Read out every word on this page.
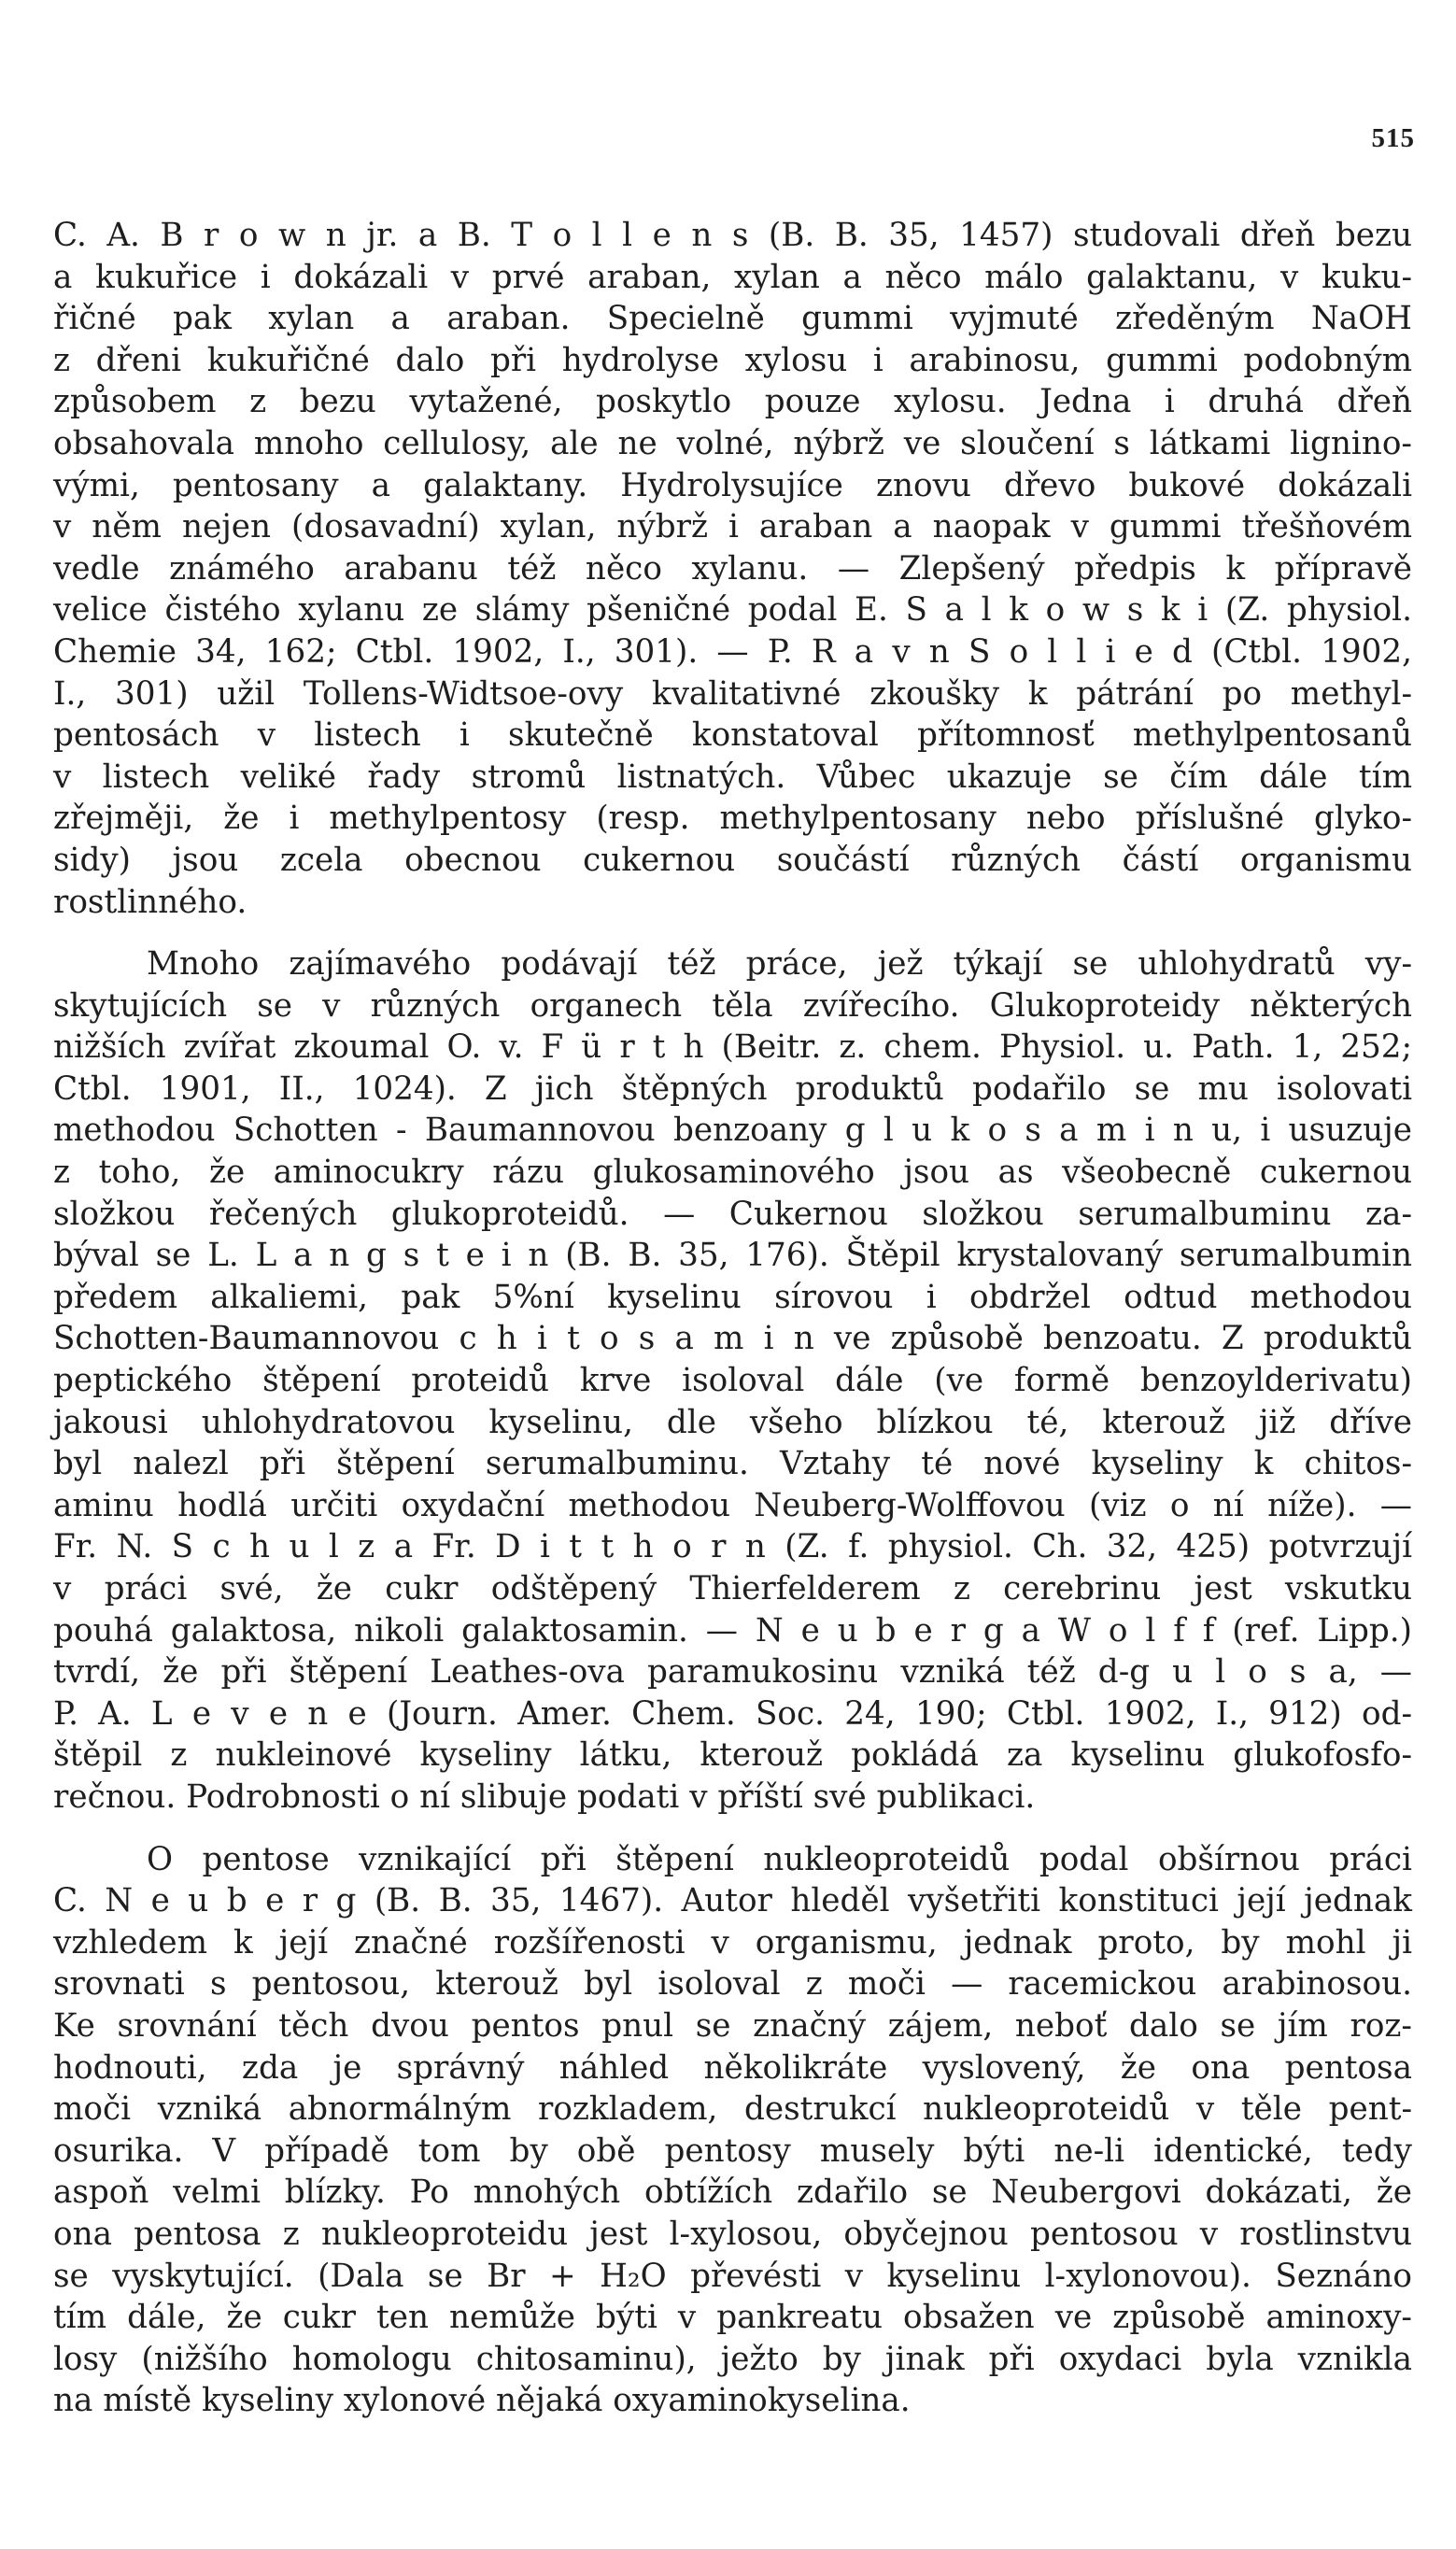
515
C. A. B r o w n jr. a B. T o l l e n s (B. B. 35, 1457) studovali dřeň bezu
a kukuřice i dokázali v prvé araban, xylan a něco málo galaktanu, v kuku-
řičné pak xylan a araban. Specielně gummi vyjmuté zředěným NaOH
z dřeni kukuřičné dalo při hydrolyse xylosu i arabinosu, gummi podobným
způsobem z bezu vytažené, poskytlo pouze xylosu. Jedna i druhá dřeň
obsahovala mnoho cellulosy, ale ne volné, nýbrž ve sloučení s látkami lignino-
vými, pentosany a galaktany. Hydrolysujíce znovu dřevo bukové dokázali
v něm nejen (dosavadní) xylan, nýbrž i araban a naopak v gummi třešňovém
vedle známého arabanu též něco xylanu. — Zlepšený předpis k přípravě
velice čistého xylanu ze slámy pšeničné podal E. S a l k o w s k i (Z. physiol.
Chemie 34, 162; Ctbl. 1902, I., 301). — P. R a v n S o l l i e d (Ctbl. 1902,
I., 301) užil Tollens-Widtsoe-ovy kvalitativné zkoušky k pátrání po methyl-
pentosách v listech i skutečně konstatoval přítomnosť methylpentosanů
v listech veliké řady stromů listnatých. Vůbec ukazuje se čím dále tím
zřejměji, že i methylpentosy (resp. methylpentosany nebo příslušné glyko-
sidy) jsou zcela obecnou cukernou součástí různých částí organismu
rostlinného.
Mnoho zajímavého podávají též práce, jež týkají se uhlohydratů vy-
skytujících se v různých organech těla zvířecího. Glukoproteidy některých
nižších zvířat zkoumal O. v. F ü r t h (Beitr. z. chem. Physiol. u. Path. 1, 252;
Ctbl. 1901, II., 1024). Z jich štěpných produktů podařilo se mu isolovati
methodou Schotten - Baumannovou benzoany g l u k o s a m i n u, i usuzuje
z toho, že aminocukry rázu glukosaminového jsou as všeobecně cukernou
složkou řečených glukoproteidů. — Cukernou složkou serumalbuminu za-
býval se L. L a n g s t e i n (B. B. 35, 176). Štěpil krystalovaný serumalbumin
předem alkaliemi, pak 5%ní kyselinu sírovou i obdržel odtud methodou
Schotten-Baumannovou c h i t o s a m i n ve způsobě benzoatu. Z produktů
peptického štěpení proteidů krve isoloval dále (ve formě benzoylderivatu)
jakousi uhlohydratovou kyselinu, dle všeho blízkou té, kterouž již dříve
byl nalezl při štěpení serumalbuminu. Vztahy té nové kyseliny k chitos-
aminu hodlá určiti oxydační methodou Neuberg-Wolffovou (viz o ní níže). —
Fr. N. S c h u l z a Fr. D i t t h o r n (Z. f. physiol. Ch. 32, 425) potvrzují
v práci své, že cukr odštěpený Thierfelderem z cerebrinu jest vskutku
pouhá galaktosa, nikoli galaktosamin. — N e u b e r g a W o l f f (ref. Lipp.)
tvrdí, že při štěpení Leathes-ova paramukosinu vzniká též d-g u l o s a, —
P. A. L e v e n e (Journ. Amer. Chem. Soc. 24, 190; Ctbl. 1902, I., 912) od-
štěpil z nukleinové kyseliny látku, kterouž pokládá za kyselinu glukofosfo-
rečnou. Podrobnosti o ní slibuje podati v příští své publikaci.
O pentose vznikající při štěpení nukleoproteidů podal obšírnou práci
C. N e u b e r g (B. B. 35, 1467). Autor hleděl vyšetřiti konstituci její jednak
vzhledem k její značné rozšířenosti v organismu, jednak proto, by mohl ji
srovnati s pentosou, kterouž byl isoloval z moči — racemickou arabinosou.
Ke srovnání těch dvou pentos pnul se značný zájem, neboť dalo se jím roz-
hodnouti, zda je správný náhled několikráte vyslovený, že ona pentosa
moči vzniká abnormálným rozkladem, destrukcí nukleoproteidů v těle pent-
osurika. V případě tom by obě pentosy musely býti ne-li identické, tedy
aspoň velmi blízky. Po mnohých obtížích zdařilo se Neubergovi dokázati, že
ona pentosa z nukleoproteidu jest l-xylosou, obyčejnou pentosou v rostlinstvu
se vyskytující. (Dala se Br + H₂O převésti v kyselinu l-xylonovou). Seznáno
tím dále, že cukr ten nemůže býti v pankreatu obsažen ve způsobě aminoxy-
losy (nižšího homologu chitosaminu), ježto by jinak při oxydaci byla vznikla
na místě kyseliny xylonové nějaká oxyaminokyselina.
